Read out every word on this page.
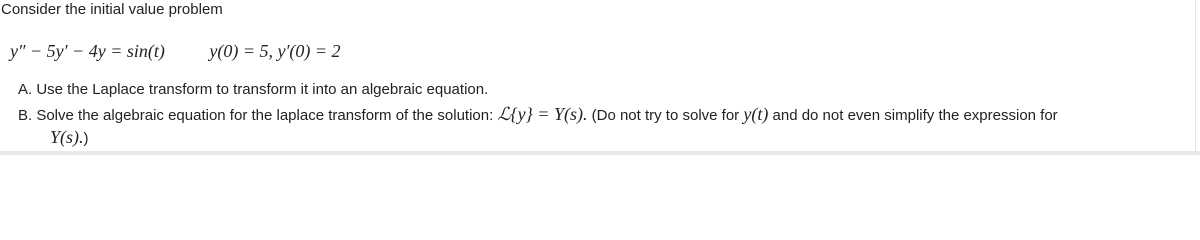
Consider the initial value problem
y″ − 5y′ − 4y = sin(t) y(0) = 5, y′(0) = 2
A. Use the Laplace transform to transform it into an algebraic equation.
B. Solve the algebraic equation for the laplace transform of the solution: ℒ{y} = Y(s). (Do not try to solve for y(t) and do not even simplify the expression for
Y(s).)
